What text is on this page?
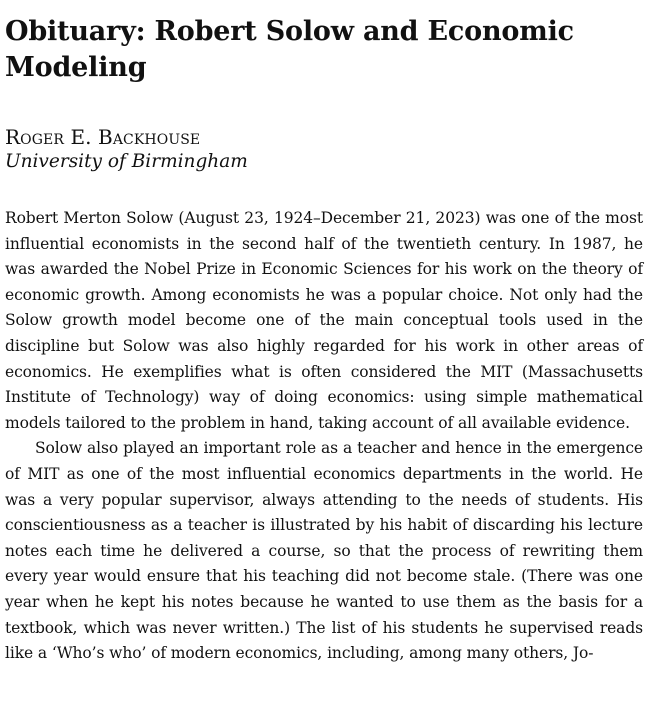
Obituary: Robert Solow and Economic Modeling
Roger E. Backhouse
University of Birmingham

Robert Merton Solow (August 23, 1924–December 21, 2023) was one of the most influential economists in the second half of the twentieth century. In 1987, he was awarded the Nobel Prize in Economic Sciences for his work on the theory of economic growth. Among economists he was a popular choice. Not only had the Solow growth model become one of the main conceptual tools used in the discipline but Solow was also highly regarded for his work in other areas of economics. He exemplifies what is often considered the MIT (Massachusetts Institute of Technology) way of doing economics: using simple mathematical models tailored to the problem in hand, taking account of all available evidence.

Solow also played an important role as a teacher and hence in the emergence of MIT as one of the most influential economics departments in the world. He was a very popular supervisor, always attending to the needs of students. His conscientiousness as a teacher is illustrated by his habit of discarding his lecture notes each time he delivered a course, so that the process of rewriting them every year would ensure that his teaching did not become stale. (There was one year when he kept his notes because he wanted to use them as the basis for a textbook, which was never written.) The list of his students he supervised reads like a ‘Who’s who’ of modern economics, including, among many others, Jo-
